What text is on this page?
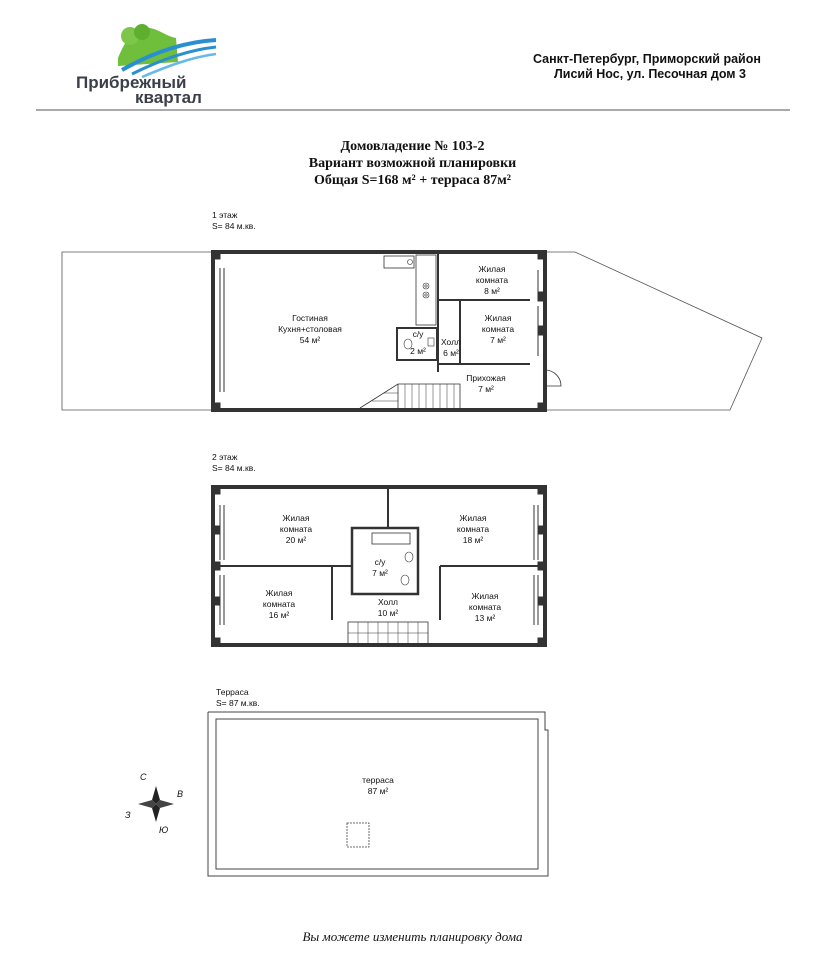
Прибрежный
квартал
Санкт-Петербург, Приморский район
Лисий Нос, ул. Песочная дом 3
Домовладение № 103-2
Вариант возможной планировки
Общая S=168 м² + терраса 87м²
1 этаж
S= 84 м.кв.
Гостиная
Кухня+столовая
54 м²
Жилая
комната
8 м²
Жилая
комната
7 м²
с/у
2 м²
Холл
6 м²
Прихожая
7 м²
2 этаж
S= 84 м.кв.
Жилая
комната
20 м²
Жилая
комната
18 м²
с/у
7 м²
Жилая
комната
16 м²
Холл
10 м²
Жилая
комната
13 м²
Терраса
S= 87 м.кв.
терраса
87 м²
С
В
Ю
З
Вы можете изменить планировку дома
